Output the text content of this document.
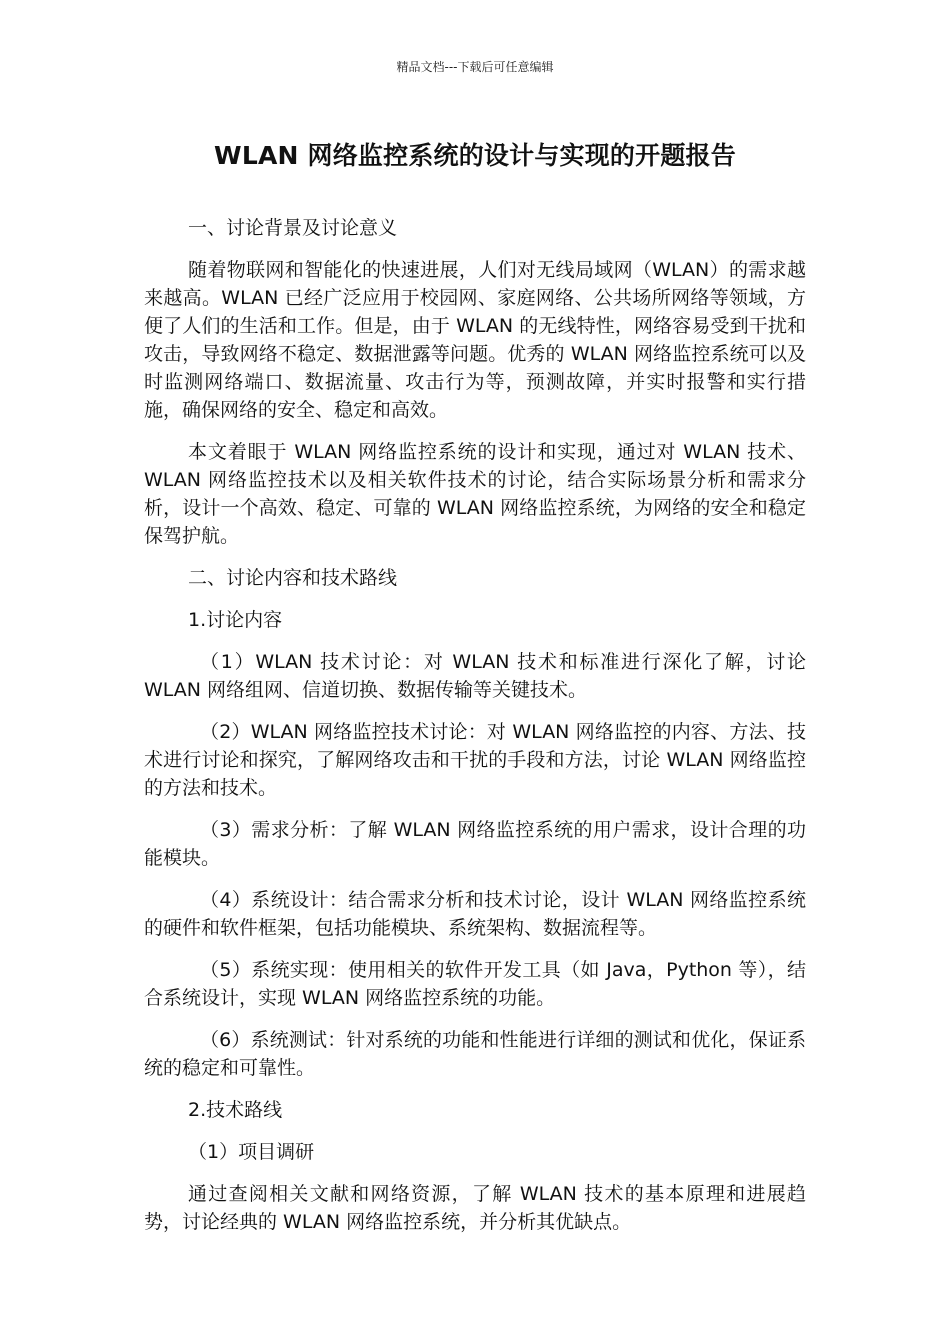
精品文档---下载后可任意编辑
WLAN 网络监控系统的设计与实现的开题报告

一、讨论背景及讨论意义

随着物联网和智能化的快速进展，人们对无线局域网（WLAN）的需求越来越高。WLAN 已经广泛应用于校园网、家庭网络、公共场所网络等领域，方便了人们的生活和工作。但是，由于 WLAN 的无线特性，网络容易受到干扰和攻击，导致网络不稳定、数据泄露等问题。优秀的 WLAN 网络监控系统可以及时监测网络端口、数据流量、攻击行为等，预测故障，并实时报警和实行措施，确保网络的安全、稳定和高效。

本文着眼于 WLAN 网络监控系统的设计和实现，通过对 WLAN 技术、WLAN 网络监控技术以及相关软件技术的讨论，结合实际场景分析和需求分析，设计一个高效、稳定、可靠的 WLAN 网络监控系统，为网络的安全和稳定保驾护航。

二、讨论内容和技术路线

1.讨论内容

（1）WLAN 技术讨论：对 WLAN 技术和标准进行深化了解，讨论 WLAN 网络组网、信道切换、数据传输等关键技术。

（2）WLAN 网络监控技术讨论：对 WLAN 网络监控的内容、方法、技术进行讨论和探究，了解网络攻击和干扰的手段和方法，讨论 WLAN 网络监控的方法和技术。

（3）需求分析：了解 WLAN 网络监控系统的用户需求，设计合理的功能模块。

（4）系统设计：结合需求分析和技术讨论，设计 WLAN 网络监控系统的硬件和软件框架，包括功能模块、系统架构、数据流程等。

（5）系统实现：使用相关的软件开发工具（如 Java，Python 等），结合系统设计，实现 WLAN 网络监控系统的功能。

（6）系统测试：针对系统的功能和性能进行详细的测试和优化，保证系统的稳定和可靠性。

2.技术路线

（1）项目调研

通过查阅相关文献和网络资源，了解 WLAN 技术的基本原理和进展趋势，讨论经典的 WLAN 网络监控系统，并分析其优缺点。
